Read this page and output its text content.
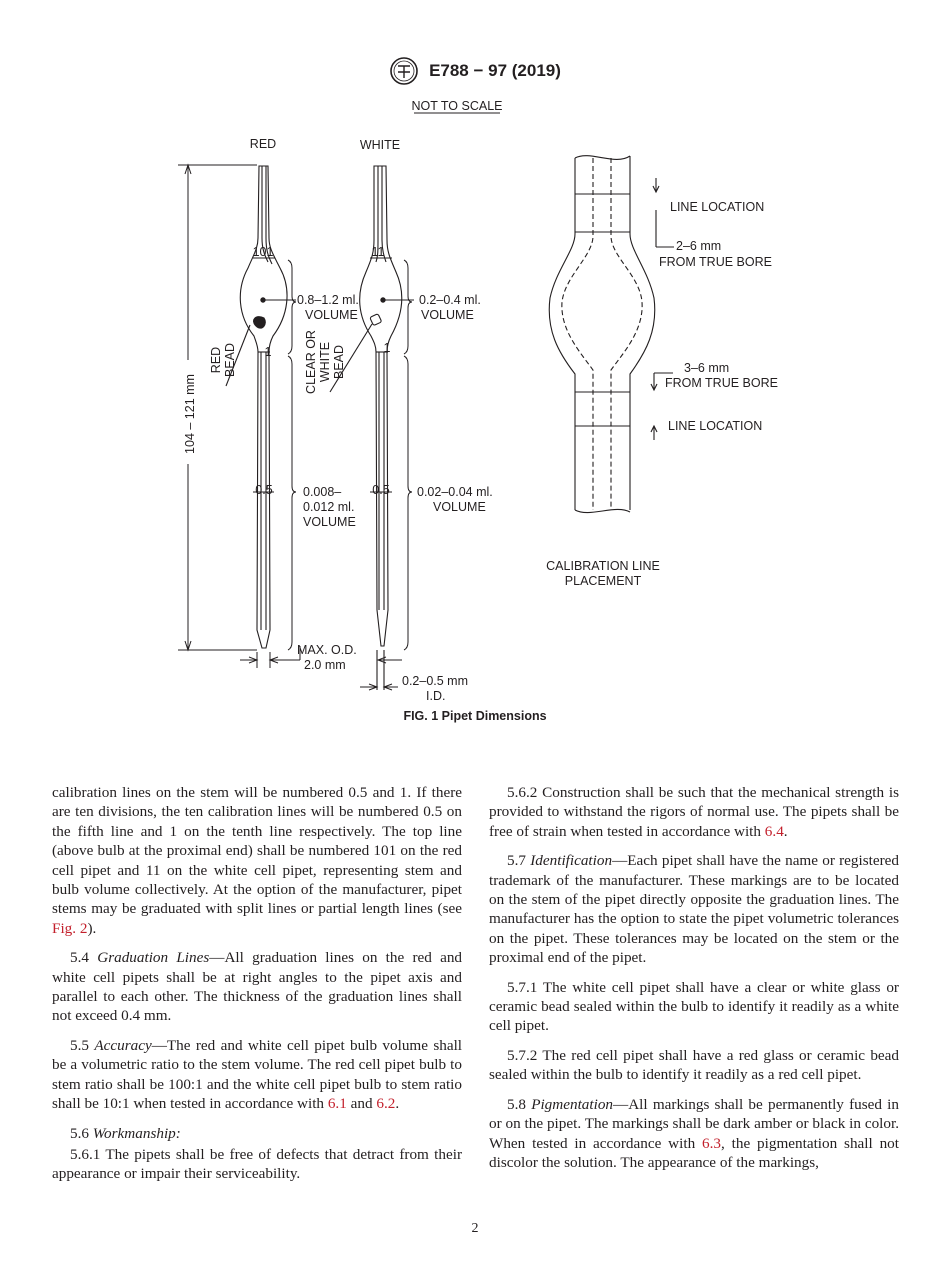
E788 − 97 (2019)
NOT TO SCALE
RED	WHITE
104 – 121 mm
101
1
0.5
RED BEAD
0.8–1.2 ml.
VOLUME
0.008–
0.012 ml.
VOLUME
11
1
0.5
CLEAR OR WHITE BEAD
0.2–0.4 ml.
VOLUME
0.02–0.04 ml.
VOLUME
MAX. O.D.
2.0 mm
0.2–0.5 mm
I.D.
LINE LOCATION
2–6 mm
FROM TRUE BORE
3–6 mm
FROM TRUE BORE
LINE LOCATION
CALIBRATION LINE
PLACEMENT
FIG. 1 Pipet Dimensions

calibration lines on the stem will be numbered 0.5 and 1. If there are ten divisions, the ten calibration lines will be numbered 0.5 on the fifth line and 1 on the tenth line respectively. The top line (above bulb at the proximal end) shall be numbered 101 on the red cell pipet and 11 on the white cell pipet, representing stem and bulb volume collectively. At the option of the manufacturer, pipet stems may be graduated with split lines or partial length lines (see Fig. 2).

5.4 Graduation Lines—All graduation lines on the red and white cell pipets shall be at right angles to the pipet axis and parallel to each other. The thickness of the graduation lines shall not exceed 0.4 mm.

5.5 Accuracy—The red and white cell pipet bulb volume shall be a volumetric ratio to the stem volume. The red cell pipet bulb to stem ratio shall be 100:1 and the white cell pipet bulb to stem ratio shall be 10:1 when tested in accordance with 6.1 and 6.2.

5.6 Workmanship:

5.6.1 The pipets shall be free of defects that detract from their appearance or impair their serviceability.

5.6.2 Construction shall be such that the mechanical strength is provided to withstand the rigors of normal use. The pipets shall be free of strain when tested in accordance with 6.4.

5.7 Identification—Each pipet shall have the name or registered trademark of the manufacturer. These markings are to be located on the stem of the pipet directly opposite the graduation lines. The manufacturer has the option to state the pipet volumetric tolerances on the pipet. These tolerances may be located on the stem or the proximal end of the pipet.

5.7.1 The white cell pipet shall have a clear or white glass or ceramic bead sealed within the bulb to identify it readily as a white cell pipet.

5.7.2 The red cell pipet shall have a red glass or ceramic bead sealed within the bulb to identify it readily as a red cell pipet.

5.8 Pigmentation—All markings shall be permanently fused in or on the pipet. The markings shall be dark amber or black in color. When tested in accordance with 6.3, the pigmentation shall not discolor the solution. The appearance of the markings,

2
